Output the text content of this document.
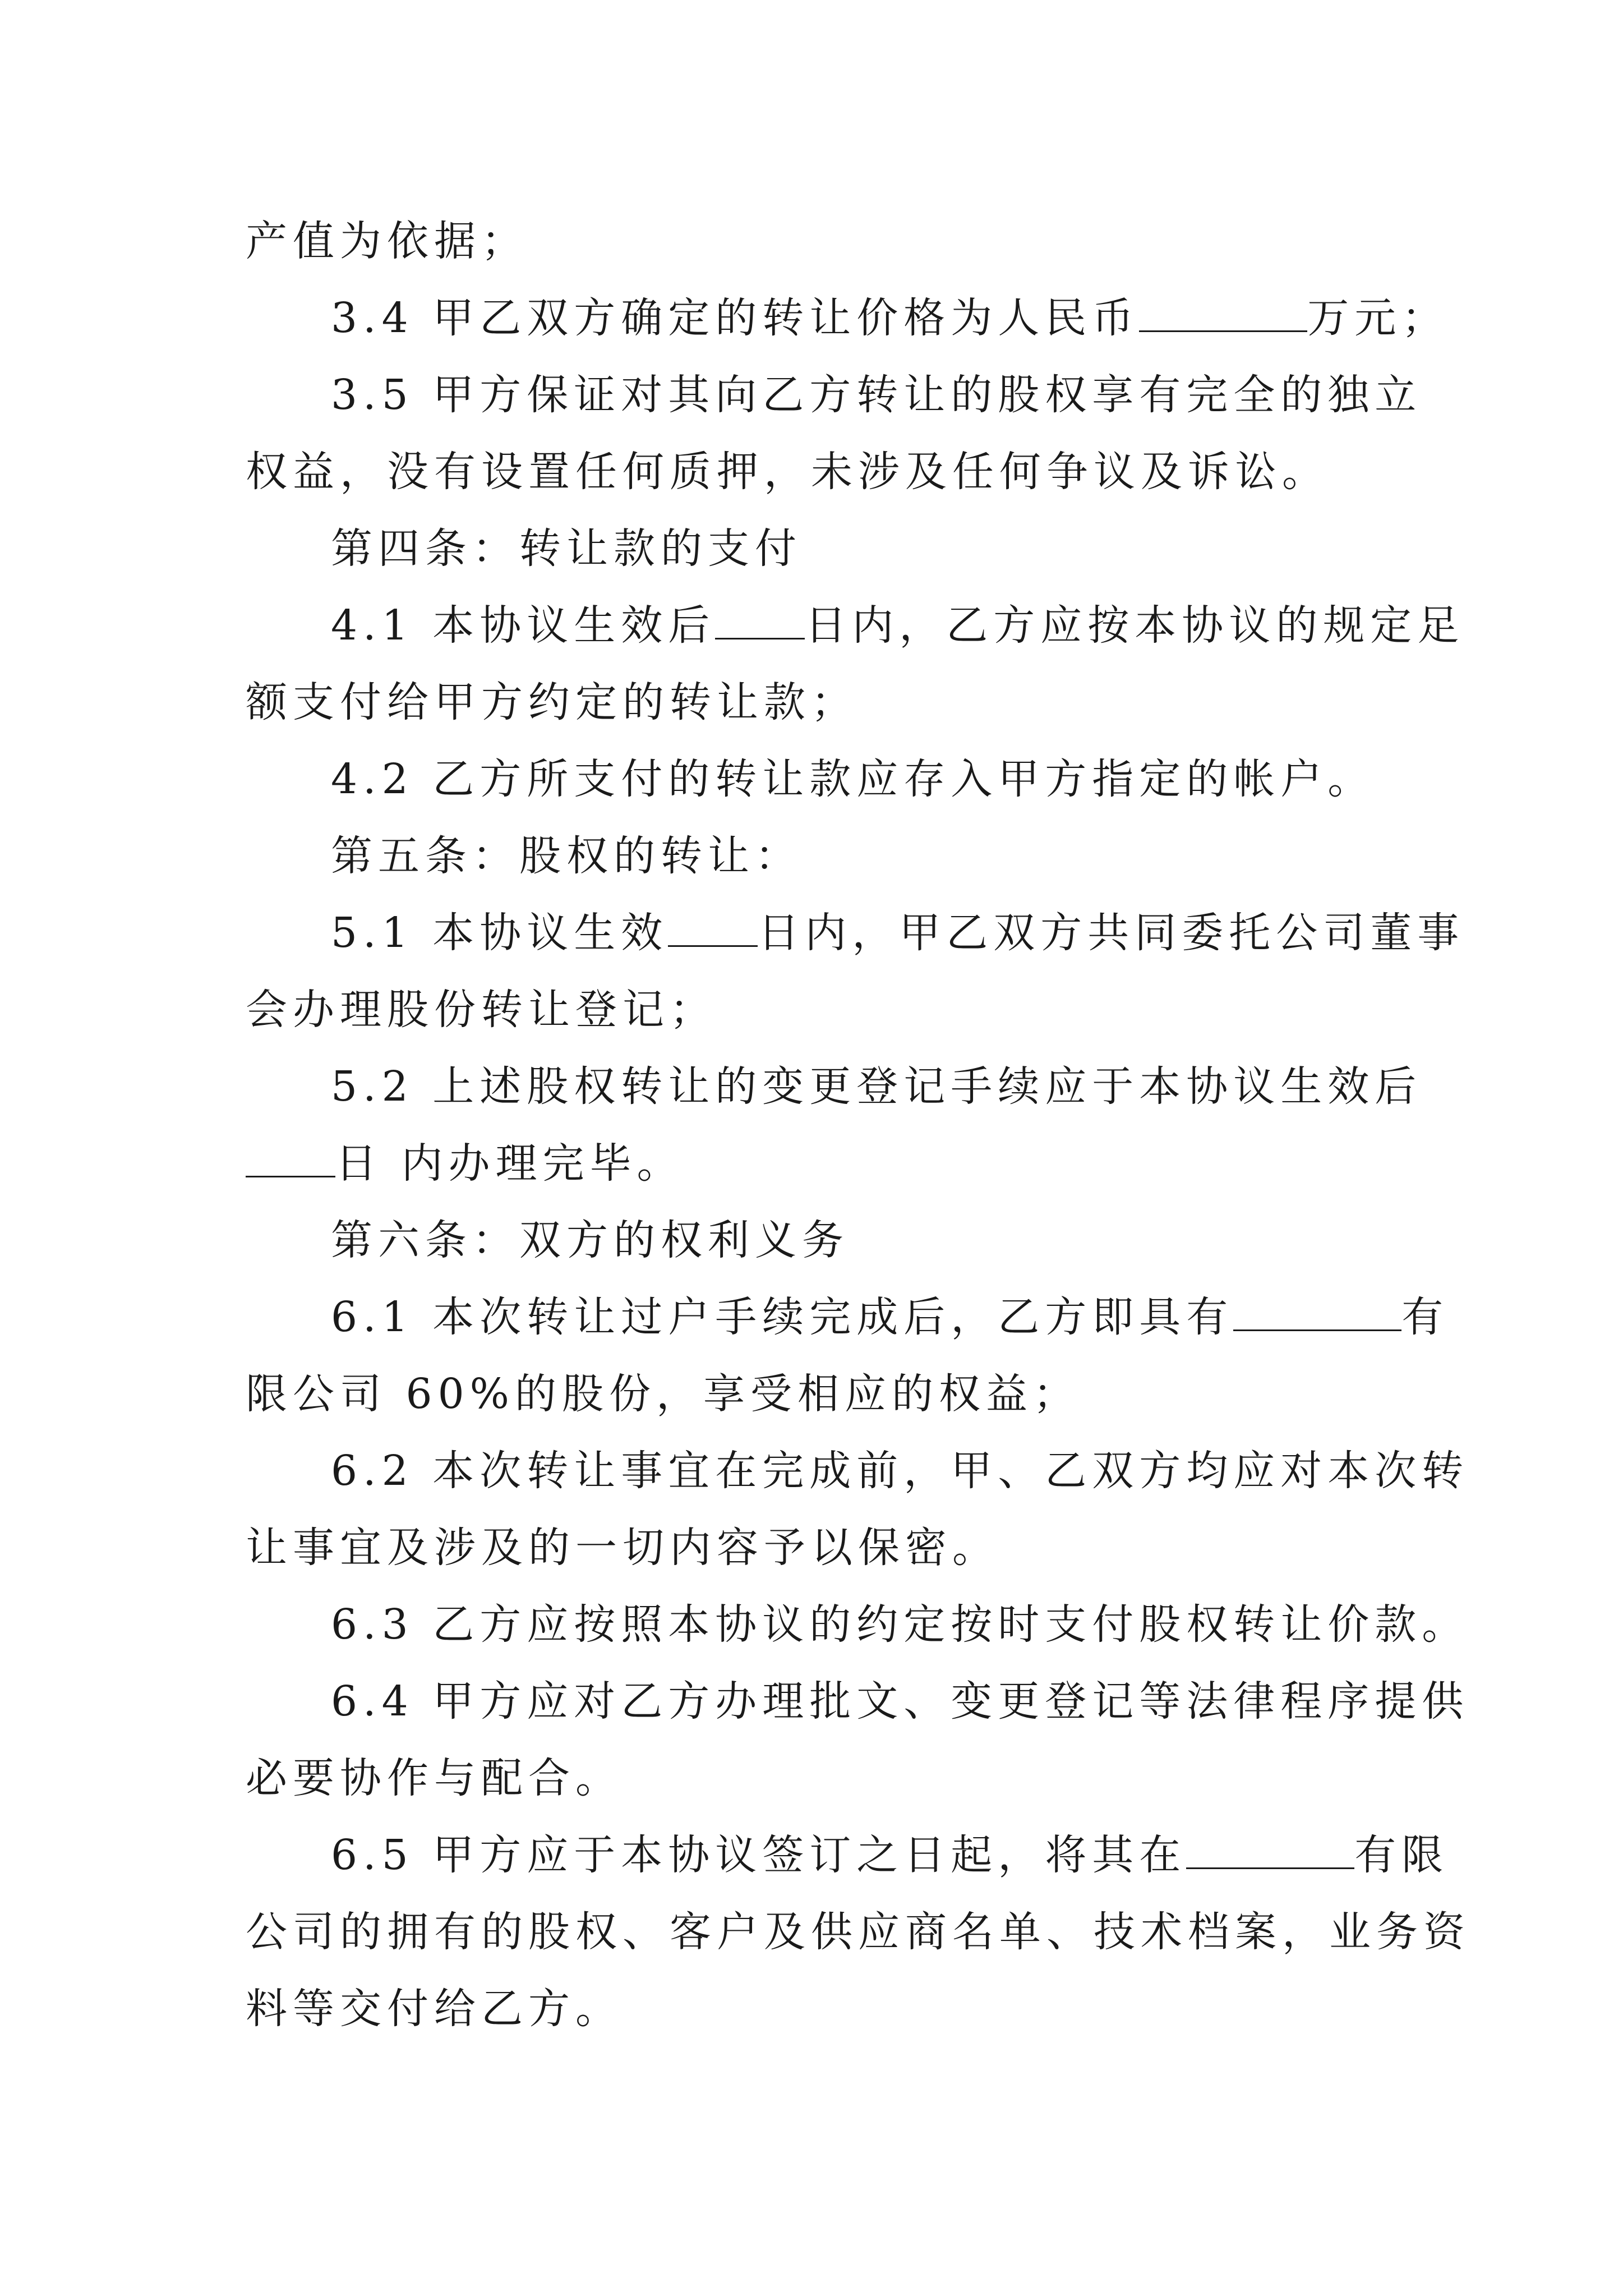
产值为依据；
3.4 甲乙双方确定的转让价格为人民币	万元；
3.5 甲方保证对其向乙方转让的股权享有完全的独立
权益，没有设置任何质押，未涉及任何争议及诉讼。
第四条：转让款的支付
4.1 本协议生效后 日内，乙方应按本协议的规定足
额支付给甲方约定的转让款；
4.2 乙方所支付的转让款应存入甲方指定的帐户。
第五条：股权的转让：
5.1 本协议生效 日内，甲乙双方共同委托公司董事
会办理股份转让登记；
5.2 上述股权转让的变更登记手续应于本协议生效后
日 内办理完毕。
第六条：双方的权利义务
6.1 本次转让过户手续完成后，乙方即具有	有
限公司 60%的股份，享受相应的权益；
6.2 本次转让事宜在完成前，甲、乙双方均应对本次转
让事宜及涉及的一切内容予以保密。
6.3 乙方应按照本协议的约定按时支付股权转让价款。
6.4 甲方应对乙方办理批文、变更登记等法律程序提供
必要协作与配合。
6.5 甲方应于本协议签订之日起，将其在	有限
公司的拥有的股权、客户及供应商名单、技术档案，业务资
料等交付给乙方。
